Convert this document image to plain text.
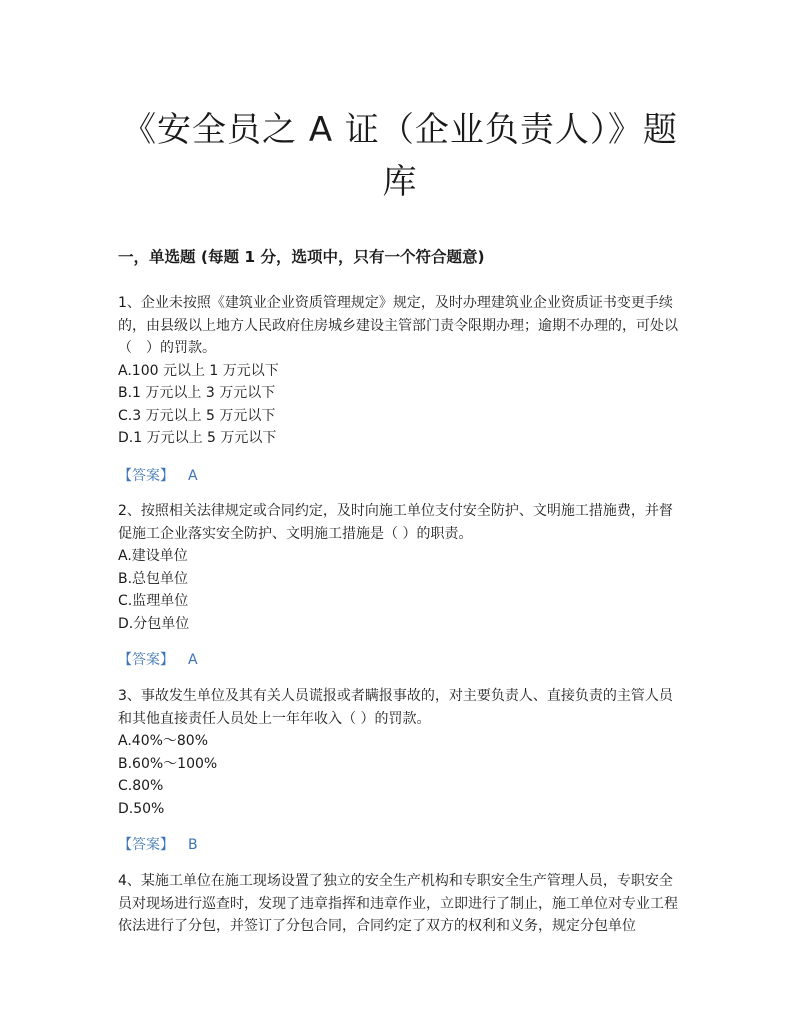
《安全员之 A 证（企业负责人）》题
库
一，单选题 (每题 1 分，选项中，只有一个符合题意)

1、企业未按照《建筑业企业资质管理规定》规定，及时办理建筑业企业资质证书变更手续的，由县级以上地方人民政府住房城乡建设主管部门责令限期办理；逾期不办理的，可处以（　）的罚款。

A.100 元以上 1 万元以下

B.1 万元以上 3 万元以下

C.3 万元以上 5 万元以下

D.1 万元以上 5 万元以下

【答案】 A

2、按照相关法律规定或合同约定，及时向施工单位支付安全防护、文明施工措施费，并督促施工企业落实安全防护、文明施工措施是（ ）的职责。

A.建设单位

B.总包单位

C.监理单位

D.分包单位

【答案】 A

3、事故发生单位及其有关人员谎报或者瞒报事故的，对主要负责人、直接负责的主管人员和其他直接责任人员处上一年年收入（ ）的罚款。

A.40%～80%

B.60%～100%

C.80%

D.50%

【答案】 B

4、某施工单位在施工现场设置了独立的安全生产机构和专职安全生产管理人员，专职安全员对现场进行巡查时，发现了违章指挥和违章作业，立即进行了制止，施工单位对专业工程依法进行了分包，并签订了分包合同，合同约定了双方的权利和义务，规定分包单位
